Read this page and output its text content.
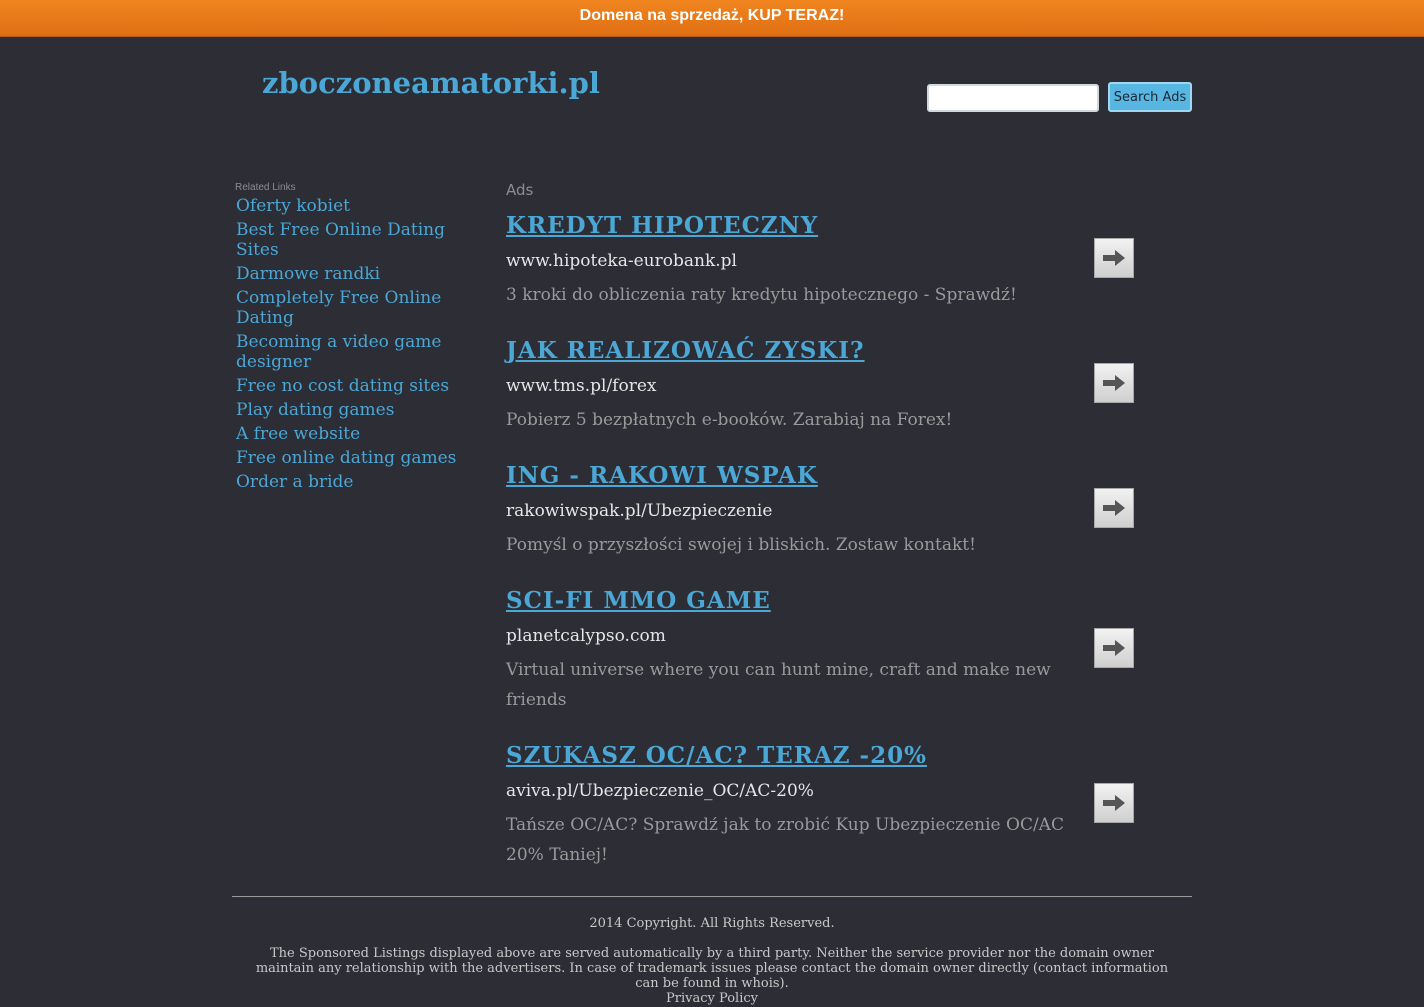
Domena na sprzedaż, KUP TERAZ!
zboczoneamatorki.pl	Search Ads
Related Links
Oferty kobiet
Best Free Online Dating Sites
Darmowe randki
Completely Free Online Dating
Becoming a video game designer
Free no cost dating sites
Play dating games
A free website
Free online dating games
Order a bride
Ads
KREDYT HIPOTECZNY
www.hipoteka-eurobank.pl
3 kroki do obliczenia raty kredytu hipotecznego - Sprawdź!
JAK REALIZOWAĆ ZYSKI?
www.tms.pl/forex
Pobierz 5 bezpłatnych e-booków. Zarabiaj na Forex!
ING - RAKOWI WSPAK
rakowiwspak.pl/Ubezpieczenie
Pomyśl o przyszłości swojej i bliskich. Zostaw kontakt!
SCI-FI MMO GAME
planetcalypso.com
Virtual universe where you can hunt mine, craft and make new friends
SZUKASZ OC/AC? TERAZ -20%
aviva.pl/Ubezpieczenie_OC/AC-20%
Tańsze OC/AC? Sprawdź jak to zrobić Kup Ubezpieczenie OC/AC 20% Taniej!
2014 Copyright. All Rights Reserved.
The Sponsored Listings displayed above are served automatically by a third party. Neither the service provider nor the domain owner maintain any relationship with the advertisers. In case of trademark issues please contact the domain owner directly (contact information can be found in whois).
Privacy Policy
